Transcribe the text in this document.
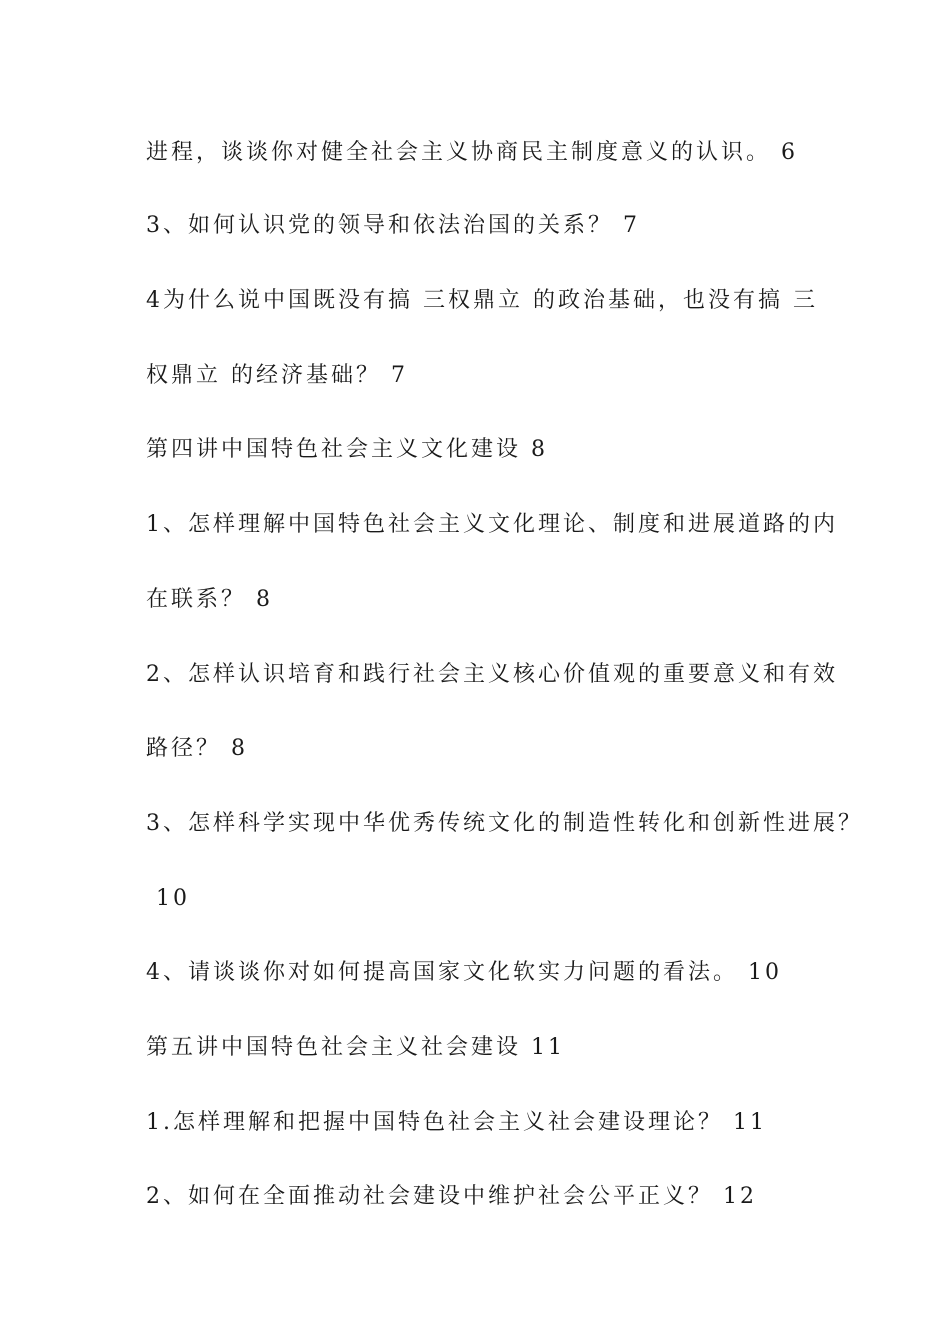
进程，谈谈你对健全社会主义协商民主制度意义的认识。 6
3、如何认识党的领导和依法治国的关系？ 7
4为什么说中国既没有搞 三权鼎立 的政治基础，也没有搞 三
权鼎立 的经济基础？ 7
第四讲中国特色社会主义文化建设 8
1、怎样理解中国特色社会主义文化理论、制度和进展道路的内
在联系？ 8
2、怎样认识培育和践行社会主义核心价值观的重要意义和有效
路径？ 8
3、怎样科学实现中华优秀传统文化的制造性转化和创新性进展？
10
4、请谈谈你对如何提高国家文化软实力问题的看法。 10
第五讲中国特色社会主义社会建设 11
1.怎样理解和把握中国特色社会主义社会建设理论？ 11
2、如何在全面推动社会建设中维护社会公平正义？ 12
